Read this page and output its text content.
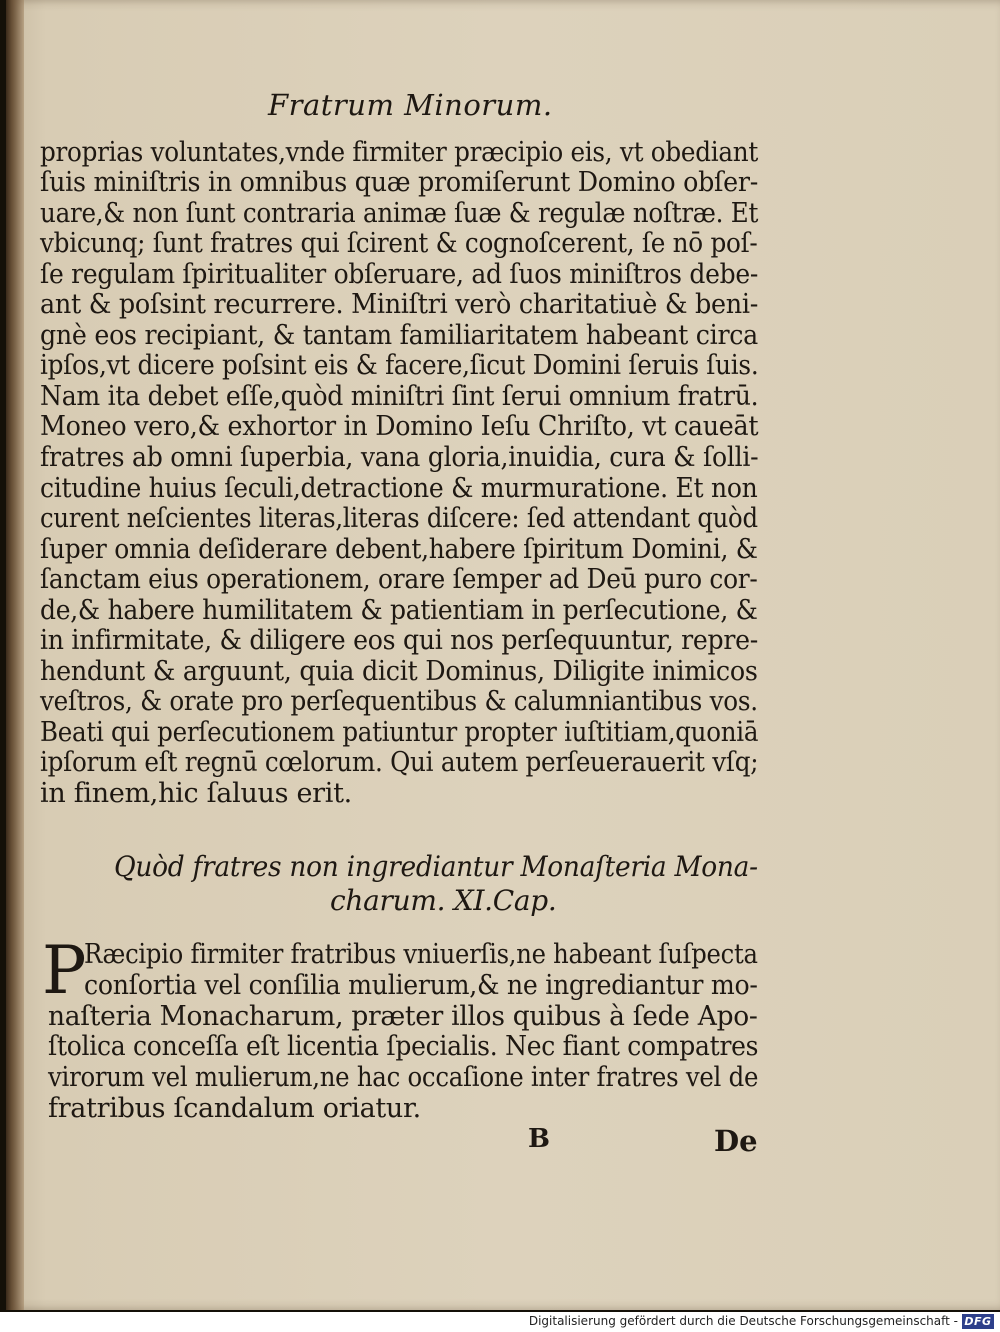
Fratrum Minorum.

proprias voluntates,vnde firmiter præcipio eis, vt obediant

ſuis miniſtris in omnibus quæ promiſerunt Domino obſer-

uare,& non ſunt contraria animæ ſuæ & regulæ noſtræ. Et

vbicunq; ſunt fratres qui ſcirent & cognoſcerent, ſe nō poſ-

ſe regulam ſpiritualiter obſeruare, ad ſuos miniſtros debe-

ant & poſsint recurrere. Miniſtri verò charitatiuè & beni-

gnè eos recipiant, & tantam familiaritatem habeant circa

ipſos,vt dicere poſsint eis & facere,ſicut Domini ſeruis ſuis.

Nam ita debet eſſe,quòd miniſtri ſint ſerui omnium fratrū.

Moneo vero,& exhortor in Domino Ieſu Chriſto, vt caueāt

fratres ab omni ſuperbia, vana gloria,inuidia, cura & ſolli-

citudine huius ſeculi,detractione & murmuratione. Et non

curent neſcientes literas,literas diſcere: ſed attendant quòd

ſuper omnia deſiderare debent,habere ſpiritum Domini, &

ſanctam eius operationem, orare ſemper ad Deū puro cor-

de,& habere humilitatem & patientiam in perſecutione, &

in infirmitate, & diligere eos qui nos perſequuntur, repre-

hendunt & arguunt, quia dicit Dominus, Diligite inimicos

veſtros, & orate pro perſequentibus & calumniantibus vos.

Beati qui perſecutionem patiuntur propter iuſtitiam,quoniā

ipſorum eſt regnū cœlorum. Qui autem perſeuerauerit vſq;

in finem,hic ſaluus erit.

Quòd fratres non ingrediantur Monaſteria Mona-

charum. XI.Cap.

P

Ræcipio firmiter fratribus vniuerſis,ne habeant ſuſpecta

conſortia vel conſilia mulierum,& ne ingrediantur mo-

naſteria Monacharum, præter illos quibus à ſede Apo-

ſtolica conceſſa eſt licentia ſpecialis. Nec fiant compatres

virorum vel mulierum,ne hac occaſione inter fratres vel de

fratribus ſcandalum oriatur.

B	De

Digitalisierung gefördert durch die Deutsche Forschungsgemeinschaft - DFG
